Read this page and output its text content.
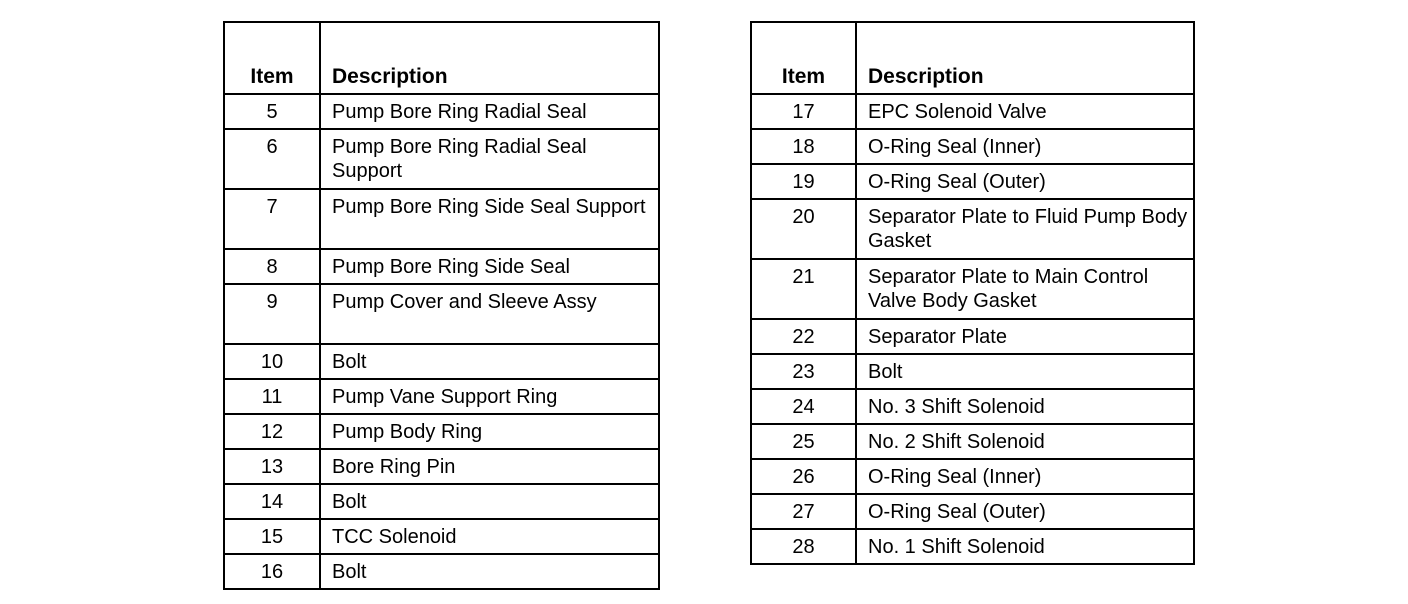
Item	Description
5	Pump Bore Ring Radial Seal
6	Pump Bore Ring Radial Seal Support
7	Pump Bore Ring Side Seal Support
8	Pump Bore Ring Side Seal
9	Pump Cover and Sleeve Assy
10	Bolt
11	Pump Vane Support Ring
12	Pump Body Ring
13	Bore Ring Pin
14	Bolt
15	TCC Solenoid
16	Bolt
Item	Description
17	EPC Solenoid Valve
18	O-Ring Seal (Inner)
19	O-Ring Seal (Outer)
20	Separator Plate to Fluid Pump Body Gasket
21	Separator Plate to Main Control Valve Body Gasket
22	Separator Plate
23	Bolt
24	No. 3 Shift Solenoid
25	No. 2 Shift Solenoid
26	O-Ring Seal (Inner)
27	O-Ring Seal (Outer)
28	No. 1 Shift Solenoid
